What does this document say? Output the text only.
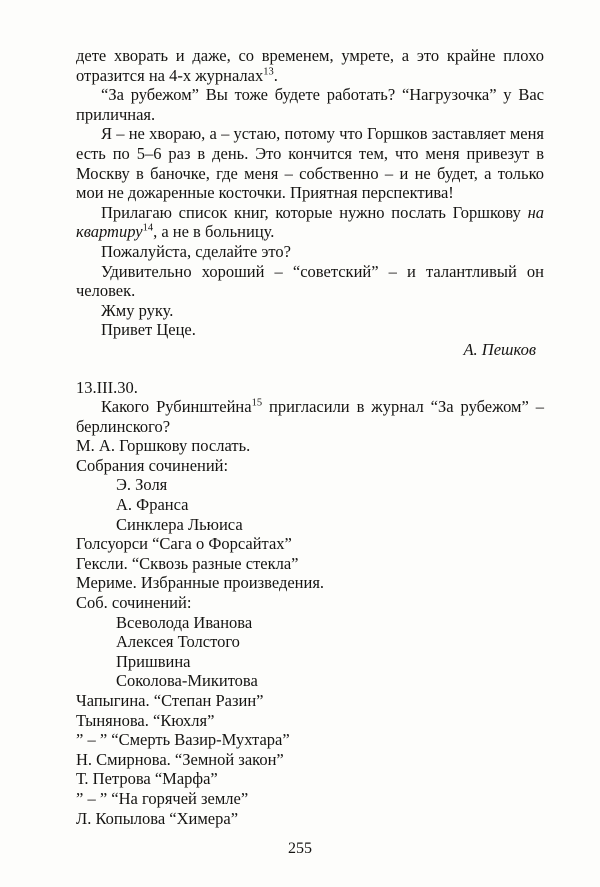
дете хворать и даже, со временем, умрете, а это крайне плохо отразится на 4-х журналах$^{13}$.

“За рубежом” Вы тоже будете работать? “Нагрузочка” у Вас приличная.

Я – не хвораю, а – устаю, потому что Горшков заставляет меня есть по 5–6 раз в день. Это кончится тем, что меня привезут в Москву в баночке, где меня – собственно – и не будет, а только мои не дожаренные косточки. Приятная перспектива!

Прилагаю список книг, которые нужно послать Горшкову на квартиру$^{14}$, а не в больницу.

Пожалуйста, сделайте это?

Удивительно хороший – “советский” – и талантливый он человек.

Жму руку.

Привет Цеце.

А. Пешков

13.III.30.

Какого Рубинштейна$^{15}$ пригласили в журнал “За рубежом” – берлинского?

М. А. Горшкову послать.
Собрания сочинений:
Э. Золя
А. Франса
Синклера Льюиса
Голсуорси “Сага о Форсайтах”
Гексли. “Сквозь разные стекла”
Мериме. Избранные произведения.
Соб. сочинений:
Всеволода Иванова
Алексея Толстого
Пришвина
Соколова-Микитова
Чапыгина. “Степан Разин”
Тынянова. “Кюхля”
” – ” “Смерть Вазир-Мухтара”
Н. Смирнова. “Земной закон”
Т. Петрова “Марфа”
” – ” “На горячей земле”
Л. Копылова “Химера”
255
